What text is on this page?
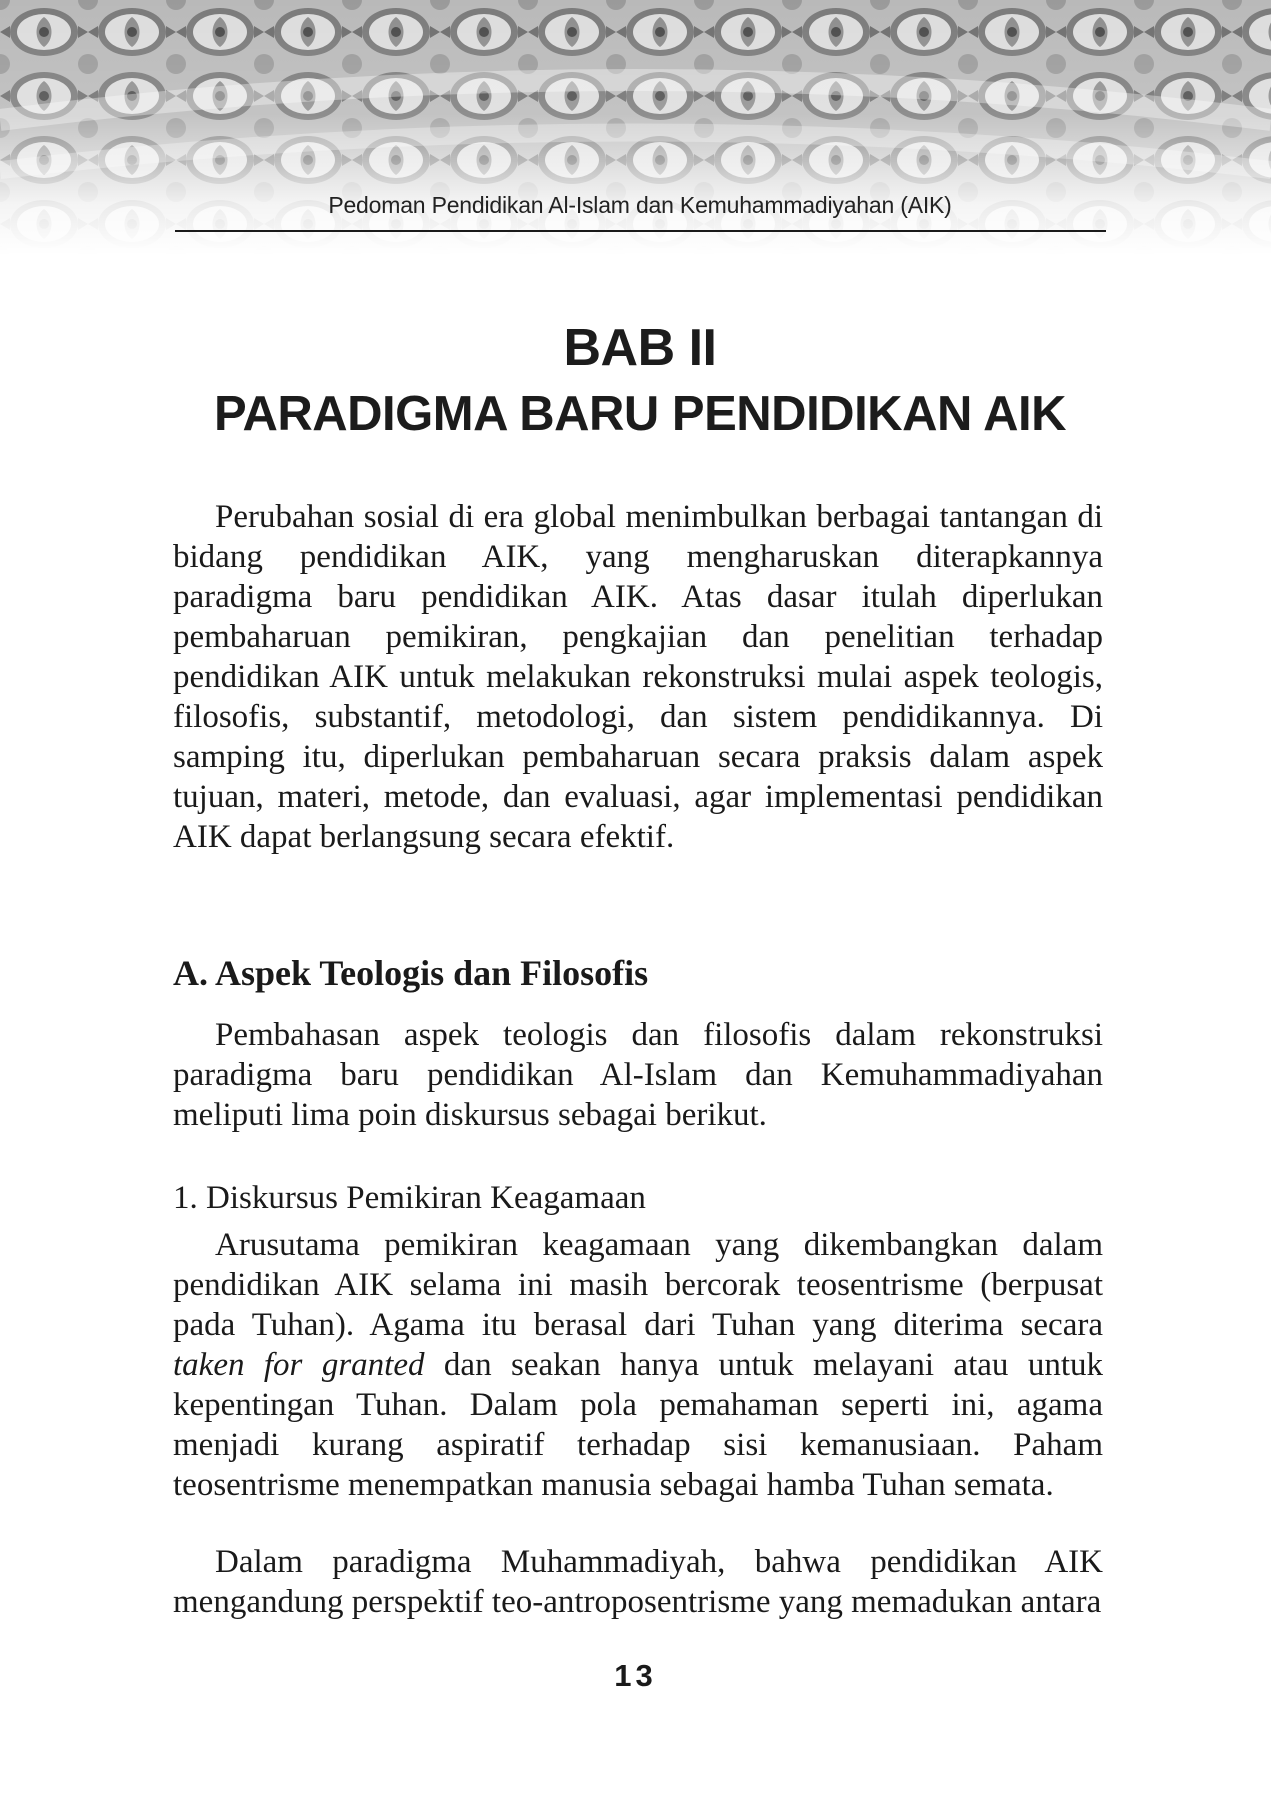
Pedoman Pendidikan Al-Islam dan Kemuhammadiyahan (AIK)
BAB II
PARADIGMA BARU PENDIDIKAN AIK

Perubahan sosial di era global menimbulkan berbagai tantangan di bidang pendidikan AIK, yang mengharuskan diterapkannya paradigma baru pendidikan AIK. Atas dasar itulah diperlukan pembaharuan pemikiran, pengkajian dan penelitian terhadap pendidikan AIK untuk melakukan rekonstruksi mulai aspek teologis, filosofis, substantif, metodologi, dan sistem pendidikannya. Di samping itu, diperlukan pembaharuan secara praksis dalam aspek tujuan, materi, metode, dan evaluasi, agar implementasi pendidikan AIK dapat berlangsung secara efektif.

A. Aspek Teologis dan Filosofis

Pembahasan aspek teologis dan filosofis dalam rekonstruksi paradigma baru pendidikan Al-Islam dan Kemuhammadiyahan meliputi lima poin diskursus sebagai berikut.

1. Diskursus Pemikiran Keagamaan

Arusutama pemikiran keagamaan yang dikembangkan dalam pendidikan AIK selama ini masih bercorak teosentrisme (berpusat pada Tuhan). Agama itu berasal dari Tuhan yang diterima secara taken for granted dan seakan hanya untuk melayani atau untuk kepentingan Tuhan. Dalam pola pemahaman seperti ini, agama menjadi kurang aspiratif terhadap sisi kemanusiaan. Paham teosentrisme menempatkan manusia sebagai hamba Tuhan semata.

Dalam paradigma Muhammadiyah, bahwa pendidikan AIK mengandung perspektif teo-antroposentrisme yang memadukan antara

13
